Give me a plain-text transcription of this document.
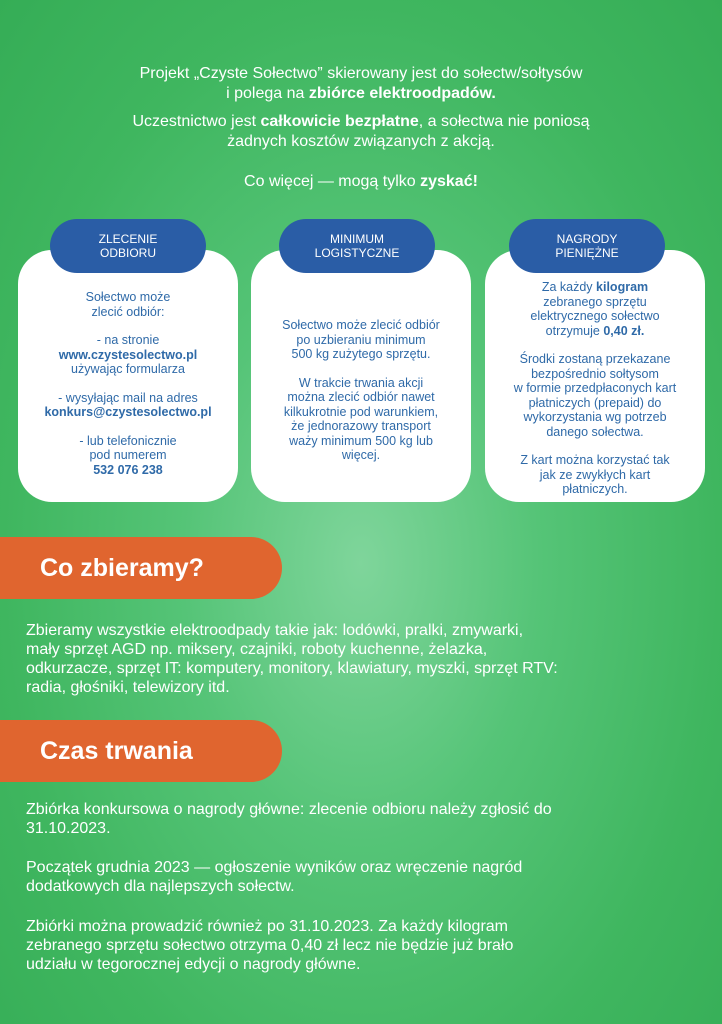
Projekt „Czyste Sołectwo” skierowany jest do sołectw/sołtysów
i polega na zbiórce elektroodpadów.
Uczestnictwo jest całkowicie bezpłatne, a sołectwa nie poniosą
żadnych kosztów związanych z akcją.
Co więcej — mogą tylko zyskać!

Sołectwo może

zlecić odbiór:

- na stronie

www.czystesolectwo.pl

używając formularza

- wysyłając mail na adres

konkurs@czystesolectwo.pl

- lub telefonicznie

pod numerem

532 076 238

ZLECENIE
ODBIORU

Sołectwo może zlecić odbiór

po uzbieraniu minimum

500 kg zużytego sprzętu.

W trakcie trwania akcji

można zlecić odbiór nawet

kilkukrotnie pod warunkiem,

że jednorazowy transport

waży minimum 500 kg lub

więcej.

MINIMUM
LOGISTYCZNE

Za każdy kilogram

zebranego sprzętu

elektrycznego sołectwo

otrzymuje 0,40 zł.

Środki zostaną przekazane

bezpośrednio sołtysom

w formie przedpłaconych kart

płatniczych (prepaid) do

wykorzystania wg potrzeb

danego sołectwa.

Z kart można korzystać tak

jak ze zwykłych kart

płatniczych.

NAGRODY
PIENIĘŻNE
Co zbieramy?

Zbieramy wszystkie elektroodpady takie jak: lodówki, pralki, zmywarki,

mały sprzęt AGD np. miksery, czajniki, roboty kuchenne, żelazka,

odkurzacze, sprzęt IT: komputery, monitory, klawiatury, myszki, sprzęt RTV:

radia, głośniki, telewizory itd.

Czas trwania

Zbiórka konkursowa o nagrody główne: zlecenie odbioru należy zgłosić do

31.10.2023.

Początek grudnia 2023 — ogłoszenie wyników oraz wręczenie nagród

dodatkowych dla najlepszych sołectw.

Zbiórki można prowadzić również po 31.10.2023. Za każdy kilogram

zebranego sprzętu sołectwo otrzyma 0,40 zł lecz nie będzie już brało

udziału w tegorocznej edycji o nagrody główne.
